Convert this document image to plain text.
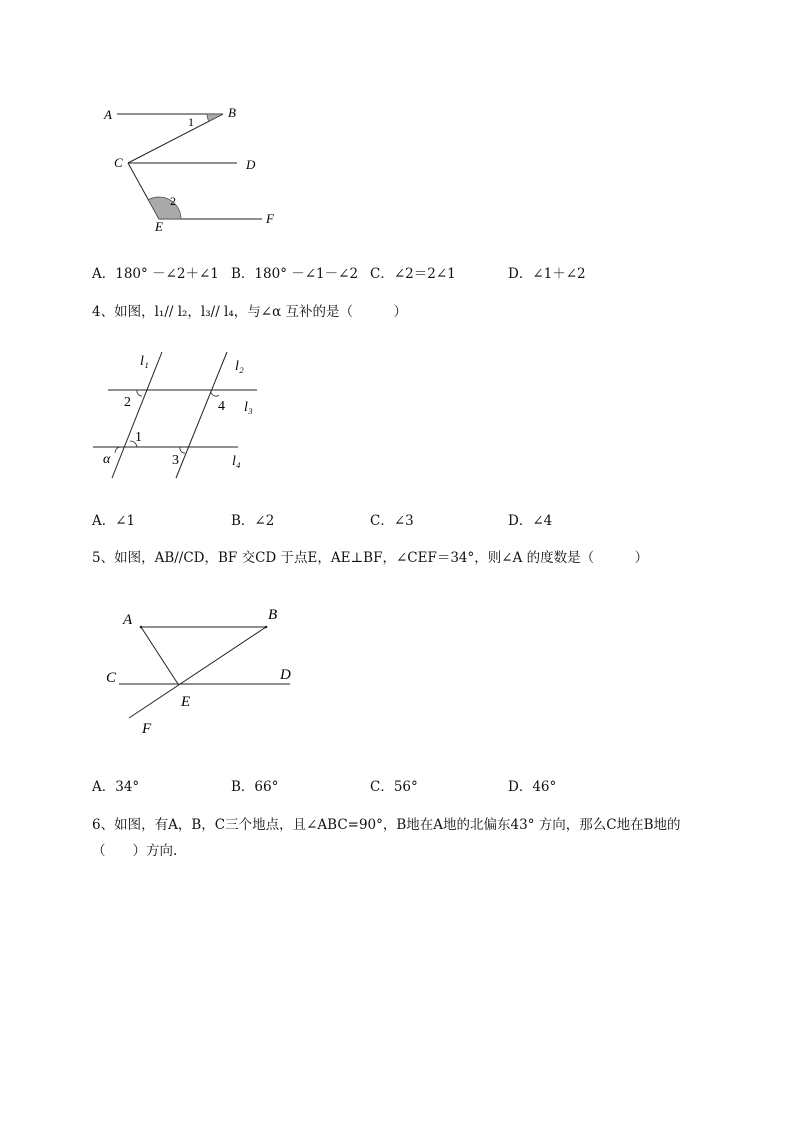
A	B
C	D
E
F
1
2
A．180° －∠2＋∠1 B．180° －∠1－∠2 C．∠2＝2∠1	D．∠1＋∠2
4、如图，l₁// l₂，l₃// l₄，与∠α 互补的是（　　　）
l₁	l₂
l₃
l₄
2	4
1
α	3
A．∠1	B．∠2	C．∠3	D．∠4
5、如图，AB//CD，BF 交CD 于点E，AE⊥BF，∠CEF＝34°，则∠A 的度数是（　　　）
A	B
C	D
E
F
A．34°	B．66°	C．56°	D．46°
6、如图，有A，B，C三个地点，且∠ABC=90°，B地在A地的北偏东43° 方向，那么C地在B地的
（　　）方向.
